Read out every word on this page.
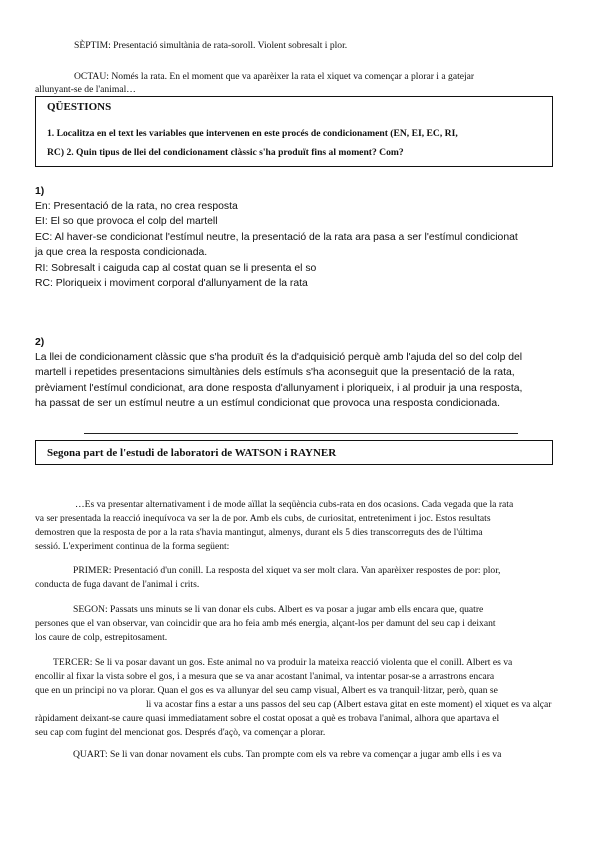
SÈPTIM: Presentació simultània de rata-soroll. Violent sobresalt i plor.

OCTAU: Només la rata. En el moment que va aparèixer la rata el xiquet va començar a plorar i a gatejar

allunyant-se de l'animal…

QÜESTIONS

1. Localitza en el text les variables que intervenen en este procés de condicionament (EN, EI, EC, RI,

RC) 2. Quin tipus de llei del condicionament clàssic s'ha produït fins al moment? Com?

1)

En: Presentació de la rata, no crea resposta
EI: El so que provoca el colp del martell
EC: Al haver-se condicionat l'estímul neutre, la presentació de la rata ara pasa a ser l'estímul condicionat
ja que crea la resposta condicionada.
RI: Sobresalt i caiguda cap al costat quan se li presenta el so
RC: Ploriqueix i moviment corporal d'allunyament de la rata

2)

La llei de condicionament clàssic que s'ha produït és la d'adquisició perquè amb l'ajuda del so del colp del
martell i repetides presentacions simultànies dels estímuls s'ha aconseguit que la presentació de la rata,
prèviament l'estímul condicionat, ara done resposta d'allunyament i ploriqueix, i al produir ja una resposta,
ha passat de ser un estímul neutre a un estímul condicionat que provoca una resposta condicionada.

Segona part de l'estudi de laboratori de WATSON i RAYNER

…Es va presentar alternativament i de mode aïllat la seqüència cubs-rata en dos ocasions. Cada vegada que la rata
va ser presentada la reacció inequívoca va ser la de por. Amb els cubs, de curiositat, entreteniment i joc. Estos resultats
demostren que la resposta de por a la rata s'havia mantingut, almenys, durant els 5 dies transcorreguts des de l'última
sessió. L'experiment continua de la forma següent:
PRIMER: Presentació d'un conill. La resposta del xiquet va ser molt clara. Van aparèixer respostes de por: plor,
conducta de fuga davant de l'animal i crits.
SEGON: Passats uns minuts se li van donar els cubs. Albert es va posar a jugar amb ells encara que, quatre
persones que el van observar, van coincidir que ara ho feia amb més energia, alçant-los per damunt del seu cap i deixant
los caure de colp, estrepitosament.
TERCER: Se li va posar davant un gos. Este animal no va produir la mateixa reacció violenta que el conill. Albert es va
encollir al fixar la vista sobre el gos, i a mesura que se va anar acostant l'animal, va intentar posar-se a arrastrons encara
que en un principi no va plorar. Quan el gos es va allunyar del seu camp visual, Albert es va tranquil·litzar, però, quan se
li va acostar fins a estar a uns passos del seu cap (Albert estava gitat en este moment) el xiquet es va alçar
ràpidament deixant-se caure quasi immediatament sobre el costat oposat a què es trobava l'animal, alhora que apartava el
seu cap com fugint del mencionat gos. Després d'açò, va començar a plorar.
QUART: Se li van donar novament els cubs. Tan prompte com els va rebre va començar a jugar amb ells i es va
